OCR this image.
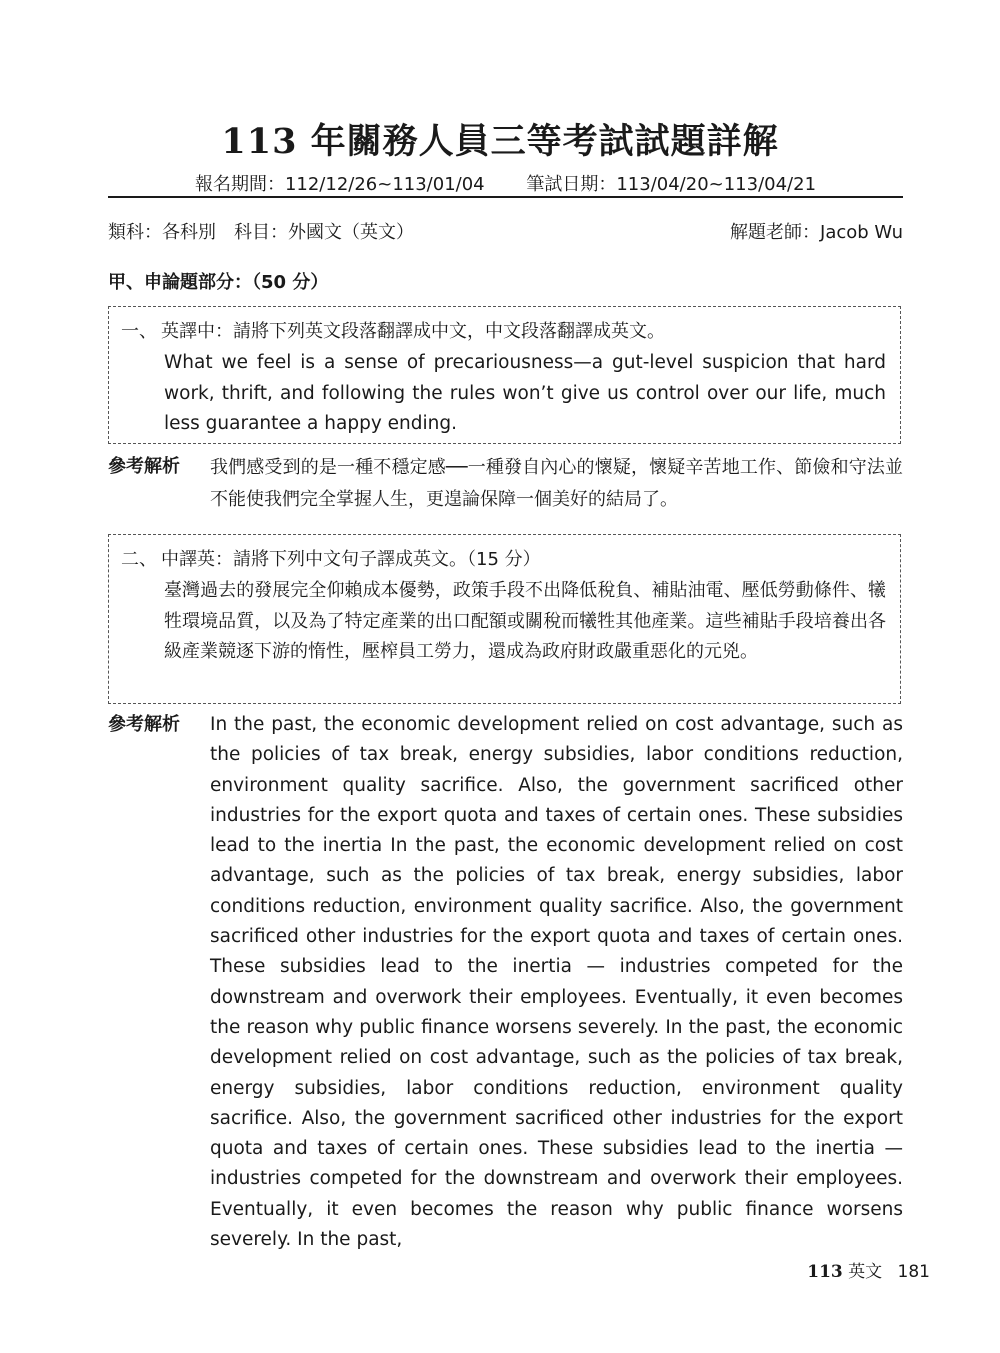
113 年關務人員三等考試試題詳解
報名期間：112/12/26~113/01/04 筆試日期：113/04/20~113/04/21
類科：各科別　科目：外國文（英文）	解題老師：Jacob Wu
甲、申論題部分：（50 分）
一、 英譯中：請將下列英文段落翻譯成中文，中文段落翻譯成英文。
What we feel is a sense of precariousness—a gut-level suspicion that hard work, thrift, and following the rules won’t give us control over our life, much less guarantee a happy ending.
參考解析 我們感受到的是一種不穩定感──一種發自內心的懷疑，懷疑辛苦地工作、節儉和守法並不能使我們完全掌握人生，更遑論保障一個美好的結局了。
二、 中譯英：請將下列中文句子譯成英文。（15 分）
臺灣過去的發展完全仰賴成本優勢，政策手段不出降低稅負、補貼油電、壓低勞動條件、犧牲環境品質，以及為了特定產業的出口配額或關稅而犧牲其他產業。這些補貼手段培養出各級產業競逐下游的惰性，壓榨員工勞力，還成為政府財政嚴重惡化的元兇。
參考解析 In the past, the economic development relied on cost advantage, such as the policies of tax break, energy subsidies, labor conditions reduction, environment quality sacrifice. Also, the government sacrificed other industries for the export quota and taxes of certain ones. These subsidies lead to the inertia In the past, the economic development relied on cost advantage, such as the policies of tax break, energy subsidies, labor conditions reduction, environment quality sacrifice. Also, the government sacrificed other industries for the export quota and taxes of certain ones. These subsidies lead to the inertia — industries competed for the downstream and overwork their employees. Eventually, it even becomes the reason why public finance worsens severely. In the past, the economic development relied on cost advantage, such as the policies of tax break, energy subsidies, labor conditions reduction, environment quality sacrifice. Also, the government sacrificed other industries for the export quota and taxes of certain ones. These subsidies lead to the inertia — industries competed for the downstream and overwork their employees. Eventually, it even becomes the reason why public finance worsens severely. In the past,
113 英文 181
